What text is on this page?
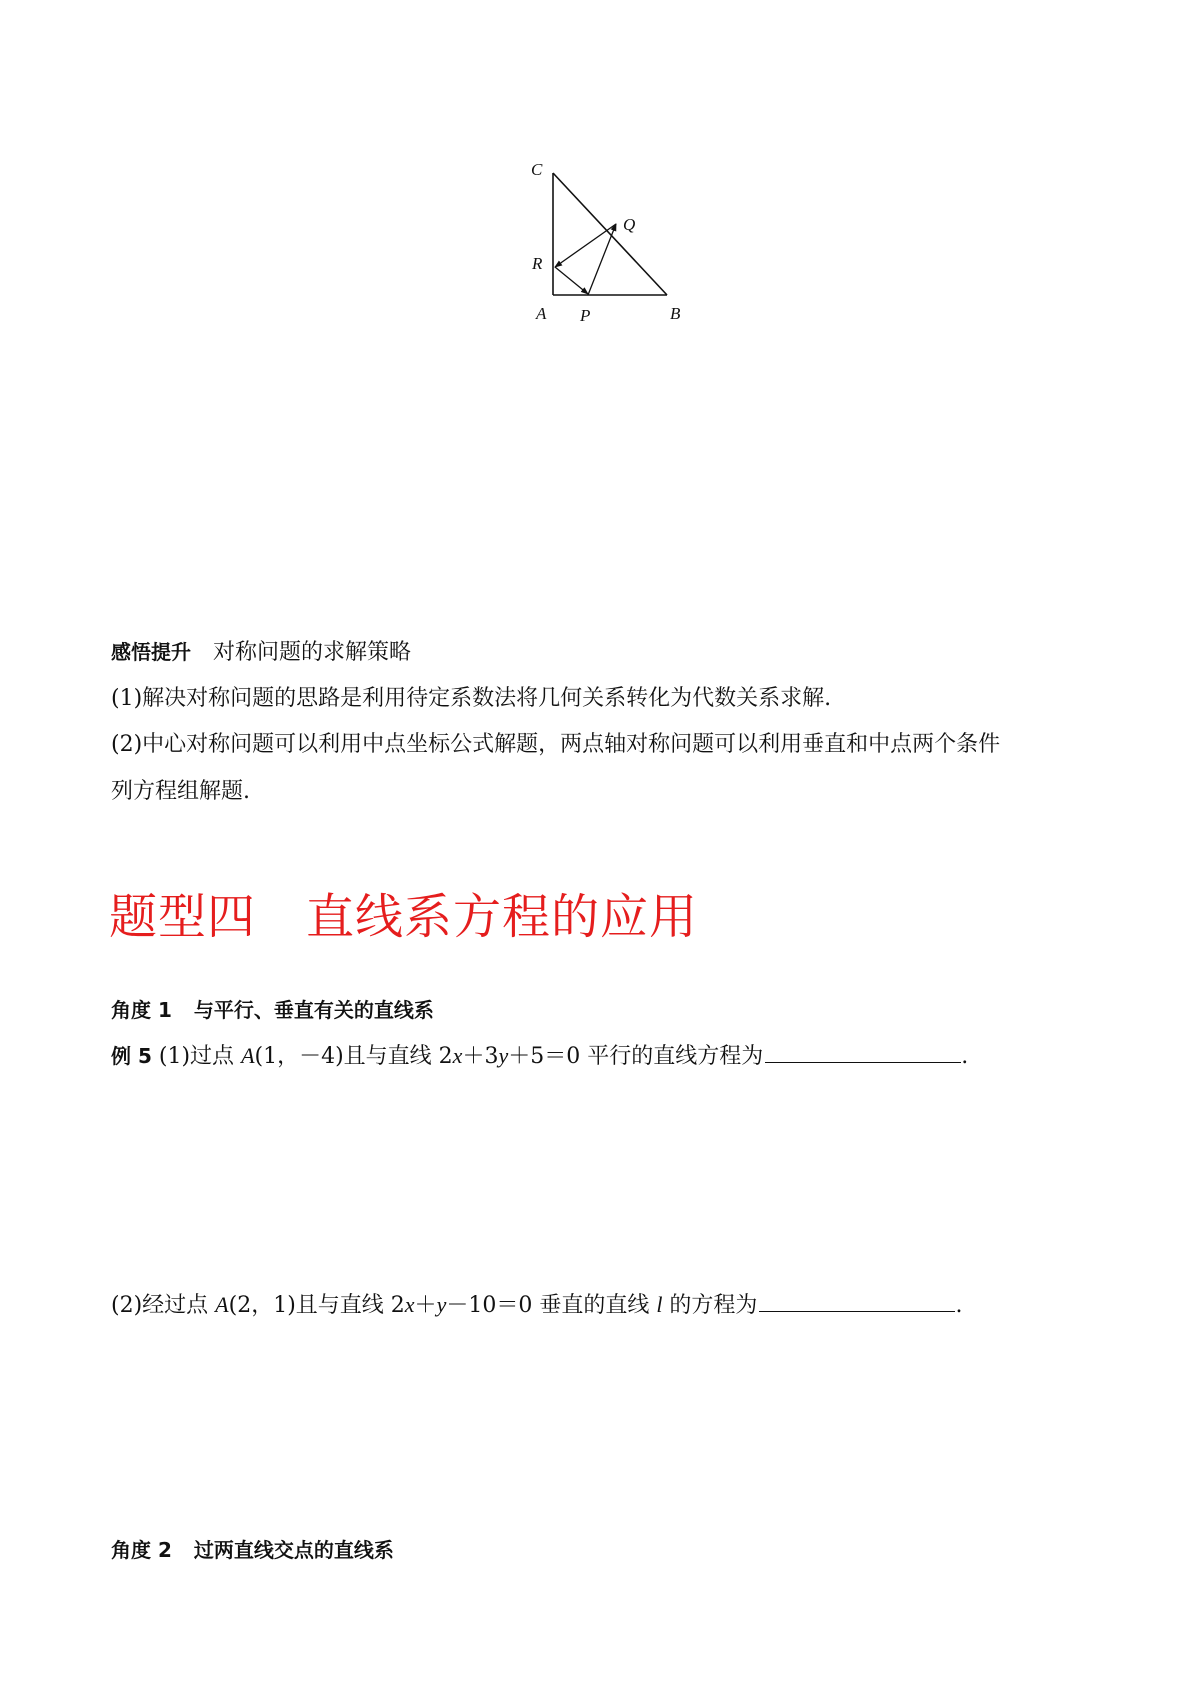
C
Q
R
A P	B
感悟提升 对称问题的求解策略
(1)解决对称问题的思路是利用待定系数法将几何关系转化为代数关系求解.
(2)中心对称问题可以利用中点坐标公式解题，两点轴对称问题可以利用垂直和中点两个条件
列方程组解题.
题型四 直线系方程的应用
角度 1 与平行、垂直有关的直线系
例 5 (1)过点 A(1，－4)且与直线 2x＋3y＋5＝0 平行的直线方程为	.
(2)经过点 A(2，1)且与直线 2x＋y－10＝0 垂直的直线 l 的方程为	.
角度 2 过两直线交点的直线系
